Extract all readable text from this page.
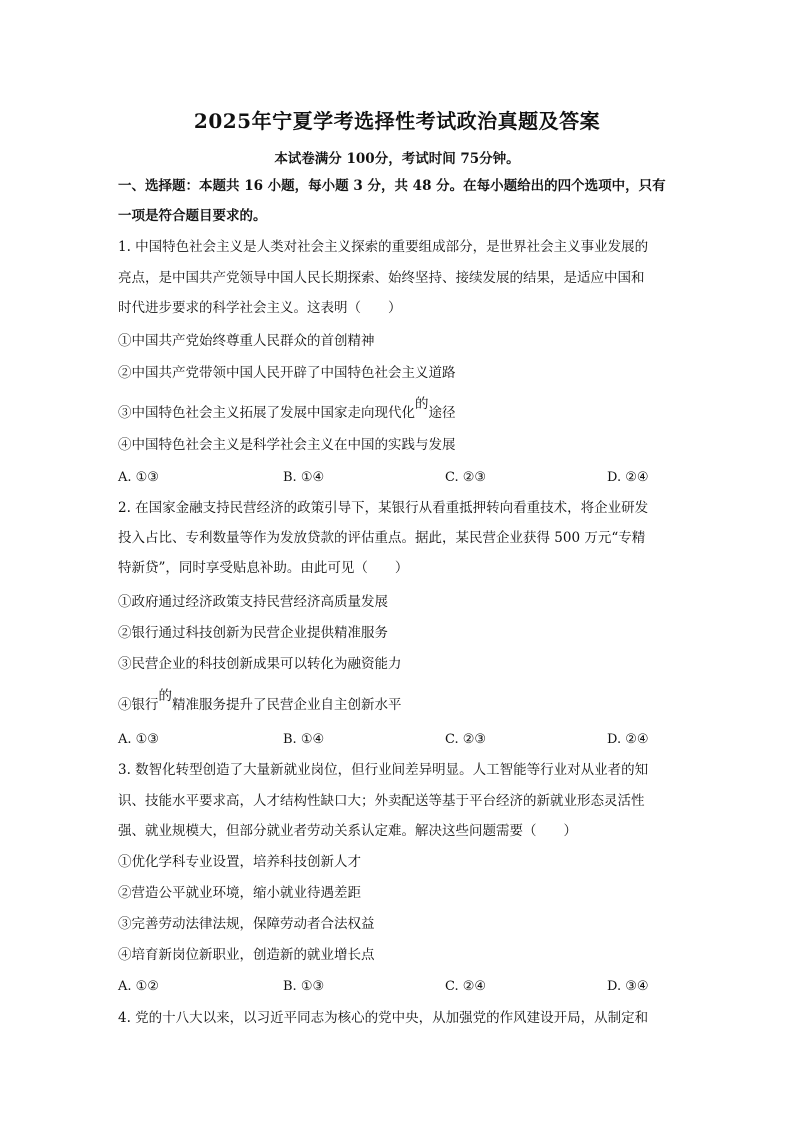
2025年宁夏学考选择性考试政治真题及答案
本试卷满分 100分，考试时间 75分钟。
一、选择题：本题共 16 小题，每小题 3 分，共 48 分。在每小题给出的四个选项中，只有
一项是符合题目要求的。
1. 中国特色社会主义是人类对社会主义探索的重要组成部分，是世界社会主义事业发展的
亮点，是中国共产党领导中国人民长期探索、始终坚持、接续发展的结果，是适应中国和
时代进步要求的科学社会主义。这表明（　　）
①中国共产党始终尊重人民群众的首创精神
②中国共产党带领中国人民开辟了中国特色社会主义道路
③中国特色社会主义拓展了发展中国家走向现代化的途径
④中国特色社会主义是科学社会主义在中国的实践与发展
A. ①③	B. ①④	C. ②③	D. ②④
2. 在国家金融支持民营经济的政策引导下，某银行从看重抵押转向看重技术，将企业研发
投入占比、专利数量等作为发放贷款的评估重点。据此，某民营企业获得 500 万元“专精
特新贷”，同时享受贴息补助。由此可见（　　）
①政府通过经济政策支持民营经济高质量发展
②银行通过科技创新为民营企业提供精准服务
③民营企业的科技创新成果可以转化为融资能力
④银行的精准服务提升了民营企业自主创新水平
A. ①③	B. ①④	C. ②③	D. ②④
3. 数智化转型创造了大量新就业岗位，但行业间差异明显。人工智能等行业对从业者的知
识、技能水平要求高，人才结构性缺口大；外卖配送等基于平台经济的新就业形态灵活性
强、就业规模大，但部分就业者劳动关系认定难。解决这些问题需要（　　）
①优化学科专业设置，培养科技创新人才
②营造公平就业环境，缩小就业待遇差距
③完善劳动法律法规，保障劳动者合法权益
④培育新岗位新职业，创造新的就业增长点
A. ①②	B. ①③	C. ②④	D. ③④
4. 党的十八大以来，以习近平同志为核心的党中央，从加强党的作风建设开局，从制定和
